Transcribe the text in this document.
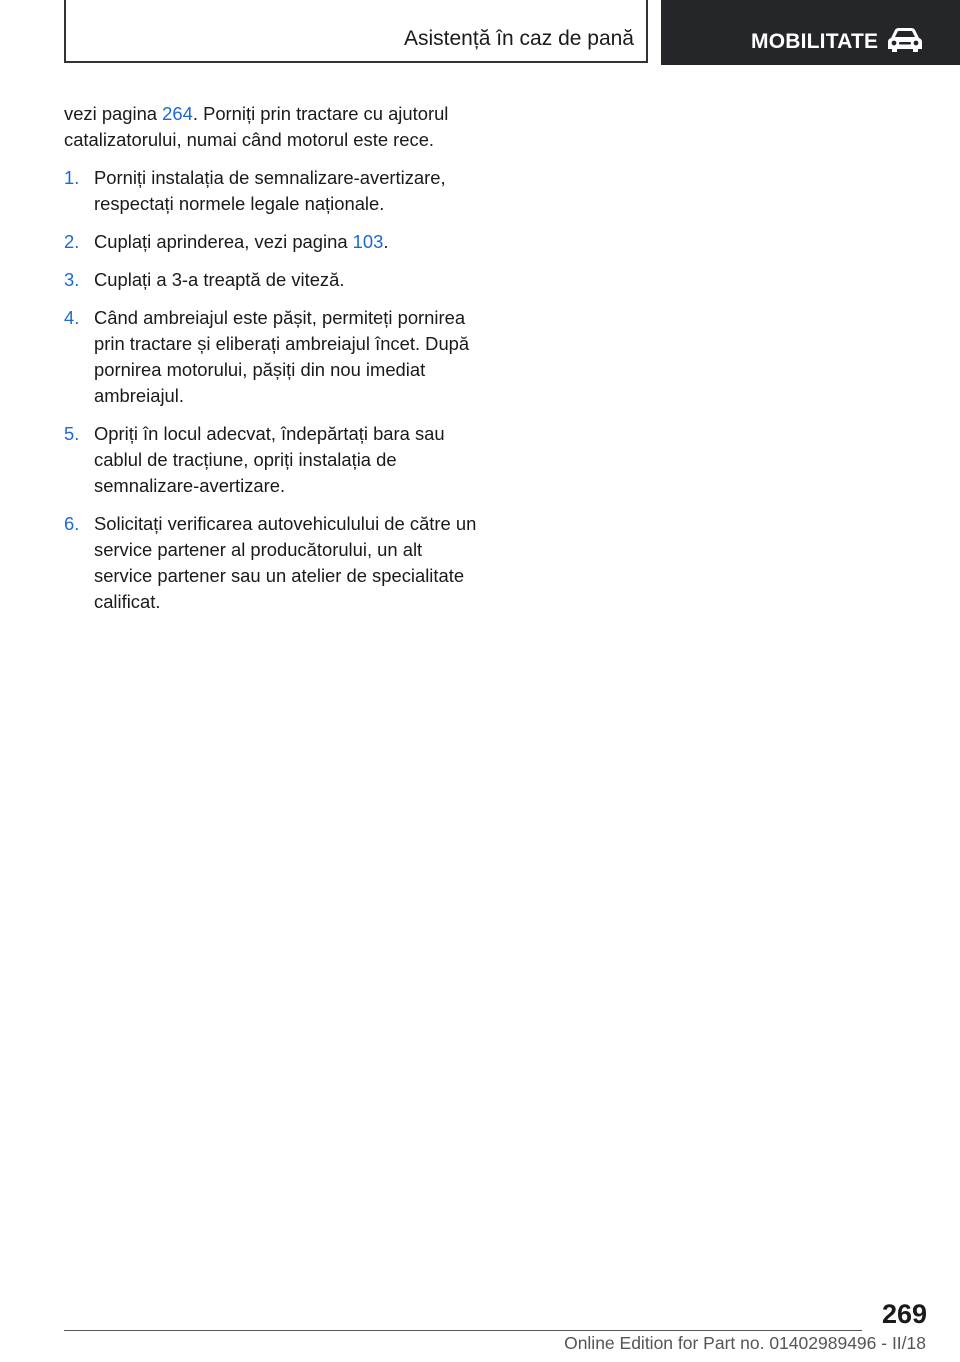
Asistență în caz de pană	MOBILITATE

vezi pagina 264. Porniți prin tractare cu ajutorul catalizatorului, numai când motorul este rece.

1. Porniți instalația de semnalizare-avertizare, respectați normele legale naționale.
2. Cuplați aprinderea, vezi pagina 103.
3. Cuplați a 3-a treaptă de viteză.
4. Când ambreiajul este pășit, permiteți pornirea prin tractare și eliberați ambreiajul încet. După pornirea motorului, pășiți din nou imediat ambreiajul.
5. Opriți în locul adecvat, îndepărtați bara sau cablul de tracțiune, opriți instalația de semnalizare-avertizare.
6. Solicitați verificarea autovehiculului de către un service partener al producătorului, un alt service partener sau un atelier de specialitate calificat.
269
Online Edition for Part no. 01402989496 - II/18
